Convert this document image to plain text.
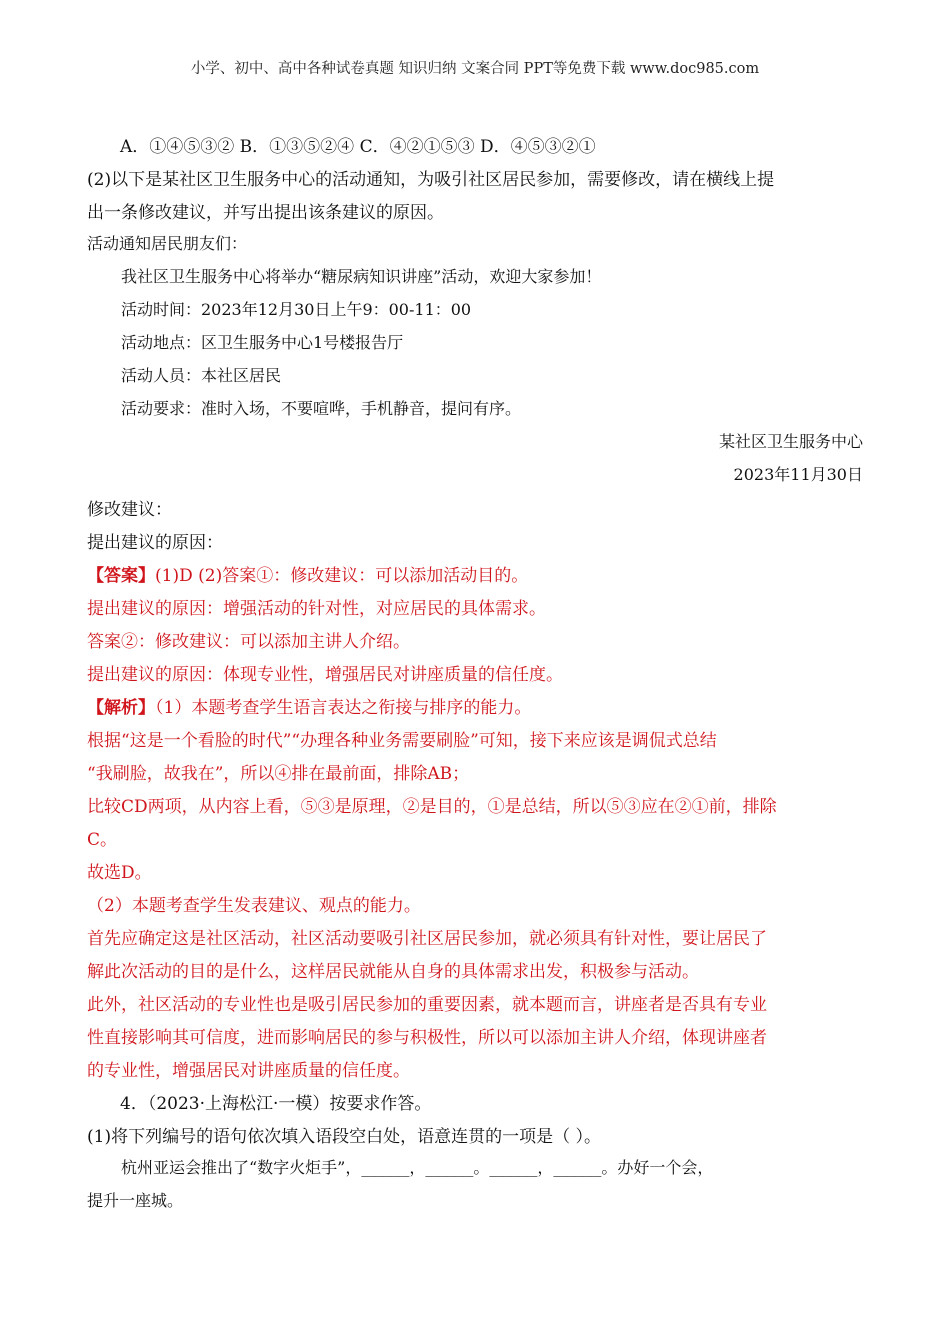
小学、初中、高中各种试卷真题 知识归纳 文案合同 PPT等免费下载 www.doc985.com
A．①④⑤③② B．①③⑤②④ C．④②①⑤③ D．④⑤③②①
(2)以下是某社区卫生服务中心的活动通知，为吸引社区居民参加，需要修改，请在横线上提
出一条修改建议，并写出提出该条建议的原因。
活动通知居民朋友们：
我社区卫生服务中心将举办“糖尿病知识讲座”活动，欢迎大家参加！
活动时间：2023年12月30日上午9：00-11：00
活动地点：区卫生服务中心1号楼报告厅
活动人员：本社区居民
活动要求：准时入场，不要喧哗，手机静音，提问有序。
某社区卫生服务中心
2023年11月30日
修改建议：
提出建议的原因：
【答案】(1)D (2)答案①：修改建议：可以添加活动目的。
提出建议的原因：增强活动的针对性，对应居民的具体需求。
答案②：修改建议：可以添加主讲人介绍。
提出建议的原因：体现专业性，增强居民对讲座质量的信任度。
【解析】（1）本题考查学生语言表达之衔接与排序的能力。
根据“这是一个看脸的时代”“办理各种业务需要刷脸”可知，接下来应该是调侃式总结
“我刷脸，故我在”，所以④排在最前面，排除AB；
比较CD两项，从内容上看，⑤③是原理，②是目的，①是总结，所以⑤③应在②①前，排除
C。
故选D。
（2）本题考查学生发表建议、观点的能力。
首先应确定这是社区活动，社区活动要吸引社区居民参加，就必须具有针对性，要让居民了
解此次活动的目的是什么，这样居民就能从自身的具体需求出发，积极参与活动。
此外，社区活动的专业性也是吸引居民参加的重要因素，就本题而言，讲座者是否具有专业
性直接影响其可信度，进而影响居民的参与积极性，所以可以添加主讲人介绍，体现讲座者
的专业性，增强居民对讲座质量的信任度。
4．（2023·上海松江·一模）按要求作答。
(1)将下列编号的语句依次填入语段空白处，语意连贯的一项是（ ）。
杭州亚运会推出了“数字火炬手”，______，______。______，______。办好一个会，
提升一座城。
